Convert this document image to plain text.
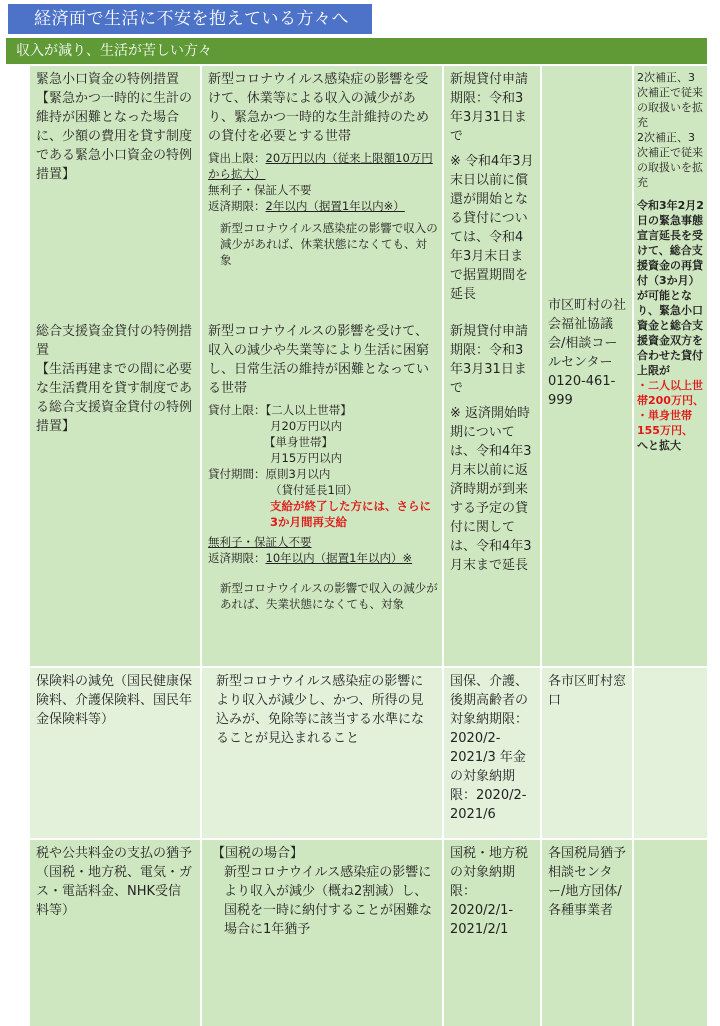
経済面で生活に不安を抱えている方々へ
収入が減り、生活が苦しい方々

緊急小口資金の特例措置

【緊急かつ一時的に生計の維持が困難となった場合に、少額の費用を貸す制度である緊急小口資金の特例措置】

総合支援資金貸付の特例措置

【生活再建までの間に必要な生活費用を貸す制度である総合支援資金貸付の特例措置】

新型コロナウイルス感染症の影響を受けて、休業等による収入の減少があり、緊急かつ一時的な生計維持のための貸付を必要とする世帯

貸出上限：20万円以内（従来上限額10万円から拡大）

無利子・保証人不要

返済期限：2年以内（据置1年以内※）

新型コロナウイルス感染症の影響で収入の減少があれば、休業状態になくても、対象

新型コロナウイルスの影響を受けて、収入の減少や失業等により生活に困窮し、日常生活の維持が困難となっている世帯

貸付上限：【二人以上世帯】

月20万円以内

【単身世帯】

月15万円以内

貸付期間：原則3月以内

（貸付延長1回）

支給が終了した方には、さらに3か月間再支給

無利子・保証人不要

返済期限：10年以内（据置1年以内）※

新型コロナウイルスの影響で収入の減少があれば、失業状態になくても、対象

新規貸付申請期限：令和3年3月31日まで

※ 令和4年3月末日以前に償還が開始となる貸付については、令和4年3月末日まで据置期間を延長

新規貸付申請期限：令和3年3月31日まで

※ 返済開始時期については、令和4年3月末以前に返済時期が到来する予定の貸付に関しては、令和4年3月末まで延長

市区町村の社会福祉協議会/相談コールセンター 0120-461-999

2次補正、3次補正で従来の取扱いを拡充

2次補正、3次補正で従来の取扱いを拡充

令和3年2月2日の緊急事態宣言延長を受けて、総合支援資金の再貸付（3か月）が可能となり、緊急小口資金と総合支援資金双方を合わせた貸付上限が

・二人以上世帯200万円、

・単身世帯155万円、

へと拡大

保険料の減免（国民健康保険料、介護保険料、国民年金保険料等）
新型コロナウイルス感染症の影響により収入が減少し、かつ、所得の見込みが、免除等に該当する水準になることが見込まれること
国保、介護、後期高齢者の対象納期限：2020/2-2021/3 年金の対象納期限：2020/2-2021/6
各市区町村窓口
税や公共料金の支払の猶予（国税・地方税、電気・ガス・電話料金、NHK受信料等）

【国税の場合】

新型コロナウイルス感染症の影響により収入が減少（概ね2割減）し、国税を一時に納付することが困難な場合に1年猶予

国税・地方税の対象納期限：2020/2/1-2021/2/1
各国税局猶予相談センター/地方団体/各種事業者
